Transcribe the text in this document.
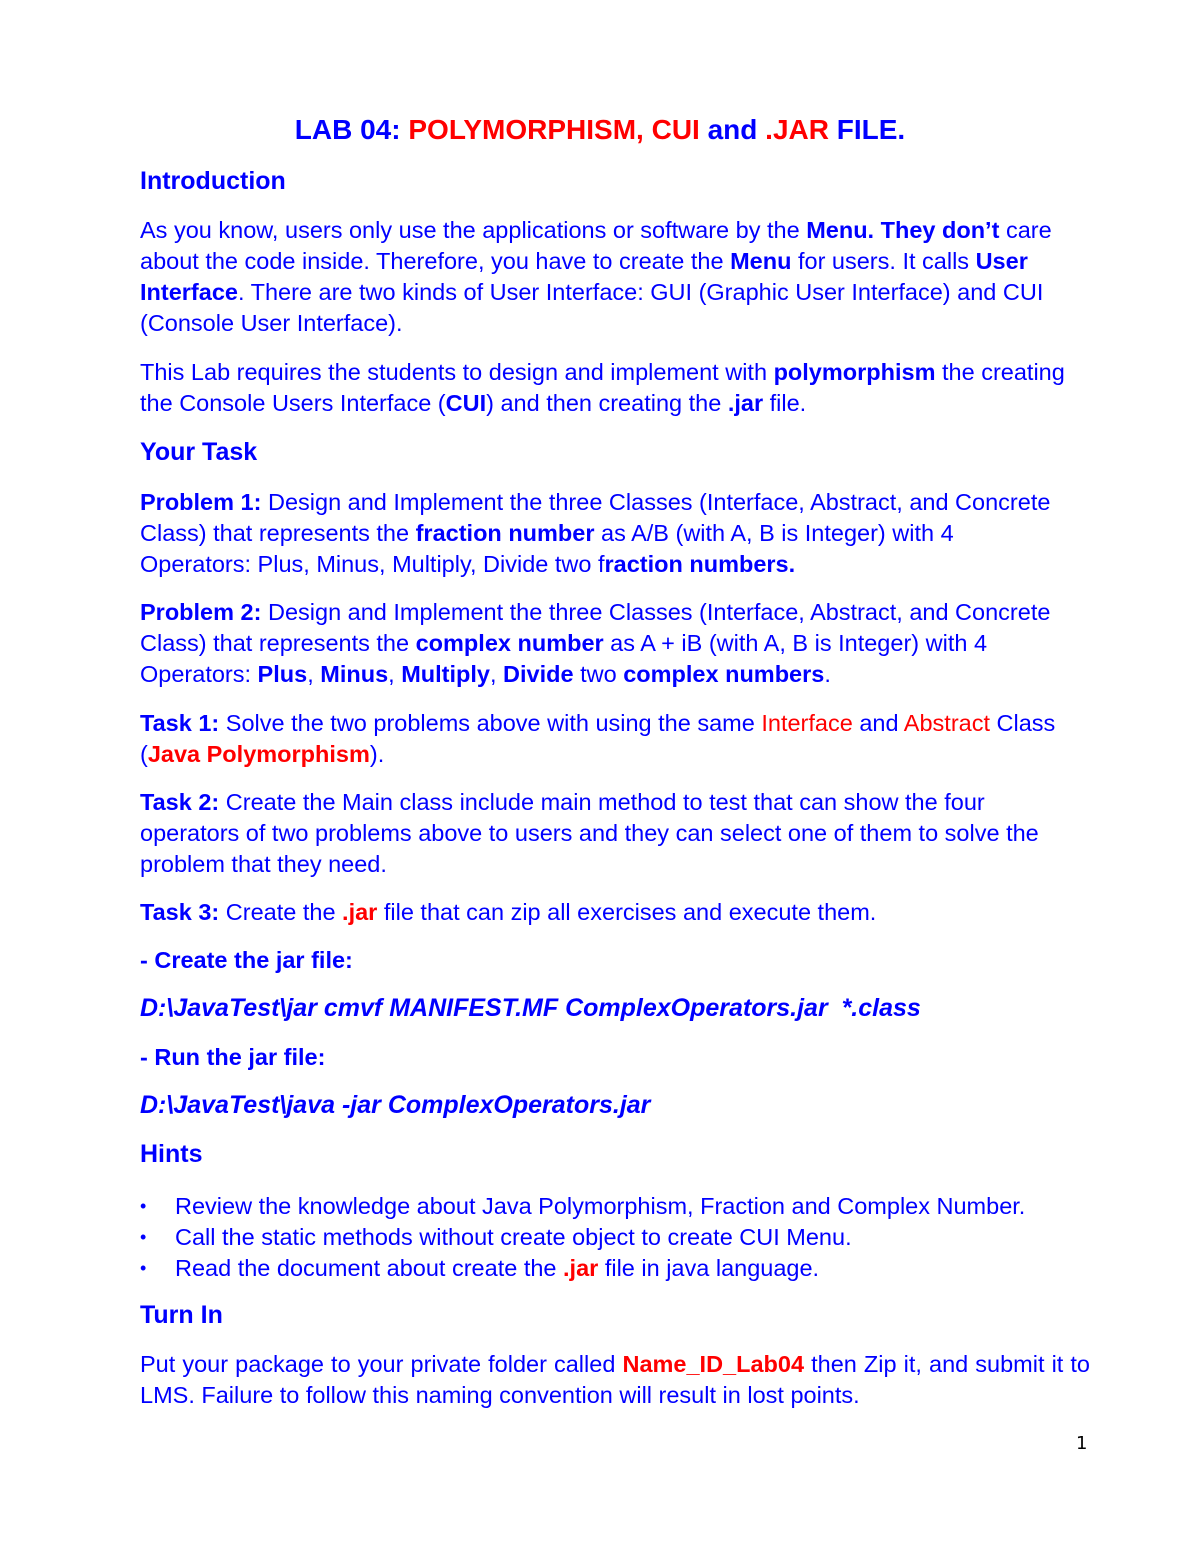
LAB 04: POLYMORPHISM, CUI and .JAR FILE.
Introduction

As you know, users only use the applications or software by the Menu. They don’t care about the code inside. Therefore, you have to create the Menu for users. It calls User Interface. There are two kinds of User Interface: GUI (Graphic User Interface) and CUI (Console User Interface).

This Lab requires the students to design and implement with polymorphism the creating the Console Users Interface (CUI) and then creating the .jar file.

Your Task

Problem 1: Design and Implement the three Classes (Interface, Abstract, and Concrete Class) that represents the fraction number as A/B (with A, B is Integer) with 4 Operators: Plus, Minus, Multiply, Divide two fraction numbers.

Problem 2: Design and Implement the three Classes (Interface, Abstract, and Concrete Class) that represents the complex number as A + iB (with A, B is Integer) with 4 Operators: Plus, Minus, Multiply, Divide two complex numbers.

Task 1: Solve the two problems above with using the same Interface and Abstract Class (Java Polymorphism).

Task 2: Create the Main class include main method to test that can show the four operators of two problems above to users and they can select one of them to solve the problem that they need.

Task 3: Create the .jar file that can zip all exercises and execute them.

- Create the jar file:
D:\JavaTest\jar cmvf MANIFEST.MF ComplexOperators.jar  *.class
- Run the jar file:
D:\JavaTest\java -jar ComplexOperators.jar
Hints
• Review the knowledge about Java Polymorphism, Fraction and Complex Number.
• Call the static methods without create object to create CUI Menu.
• Read the document about create the .jar file in java language.
Turn In

Put your package to your private folder called Name_ID_Lab04 then Zip it, and submit it to LMS. Failure to follow this naming convention will result in lost points.

1
